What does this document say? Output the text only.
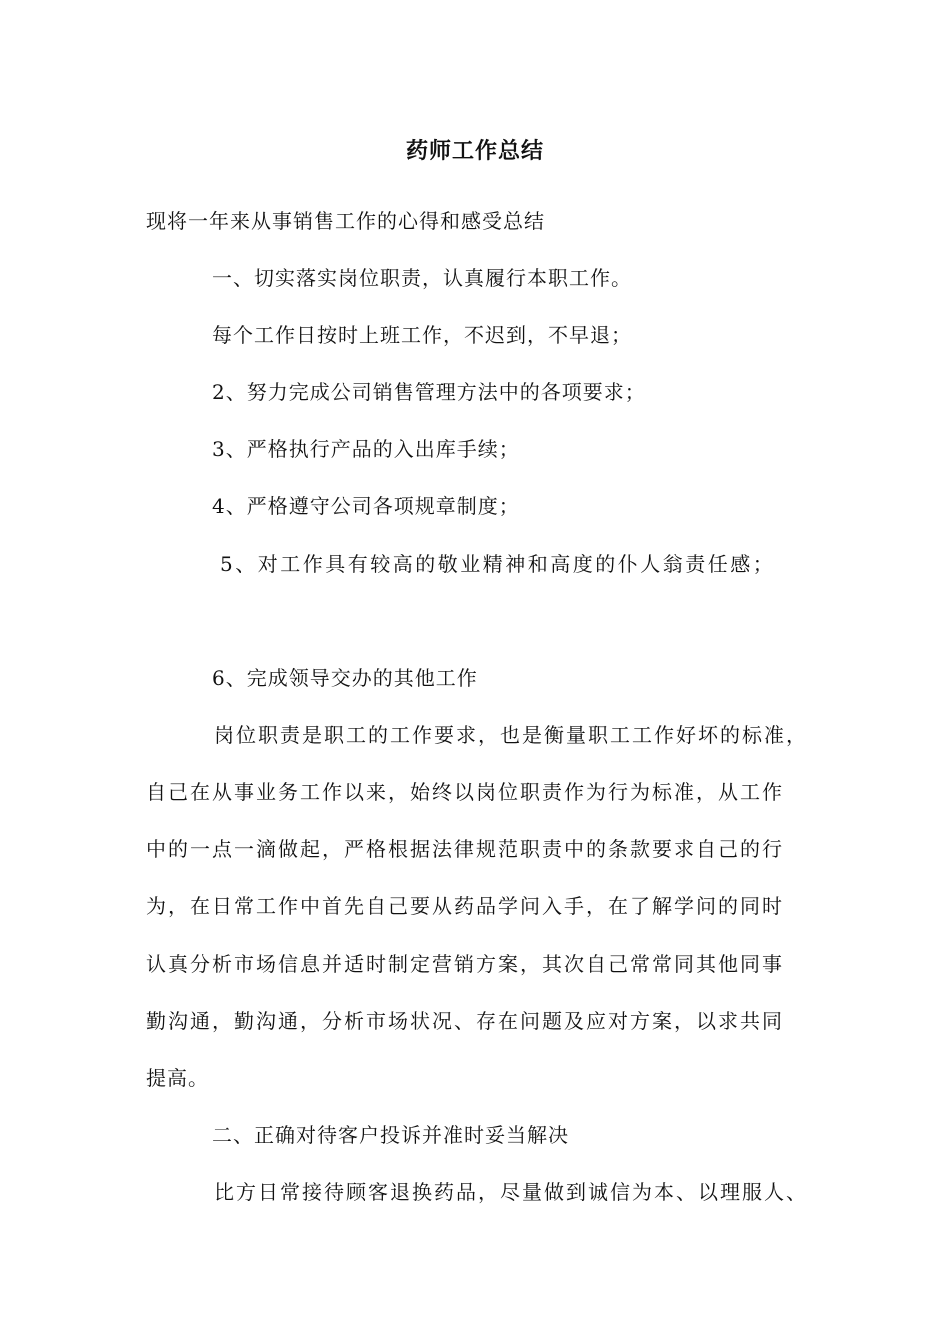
药师工作总结
现将一年来从事销售工作的心得和感受总结
一、切实落实岗位职责，认真履行本职工作。
每个工作日按时上班工作，不迟到，不早退；
2、努力完成公司销售管理方法中的各项要求；
3、严格执行产品的入出库手续；
4、严格遵守公司各项规章制度；
5、对工作具有较高的敬业精神和高度的仆人翁责任感；
6、完成领导交办的其他工作
岗位职责是职工的工作要求，也是衡量职工工作好坏的标准，
自己在从事业务工作以来，始终以岗位职责作为行为标准，从工作
中的一点一滴做起，严格根据法律规范职责中的条款要求自己的行
为，在日常工作中首先自己要从药品学问入手，在了解学问的同时
认真分析市场信息并适时制定营销方案，其次自己常常同其他同事
勤沟通，勤沟通，分析市场状况、存在问题及应对方案，以求共同
提高。
二、正确对待客户投诉并准时妥当解决
比方日常接待顾客退换药品，尽量做到诚信为本、以理服人、
